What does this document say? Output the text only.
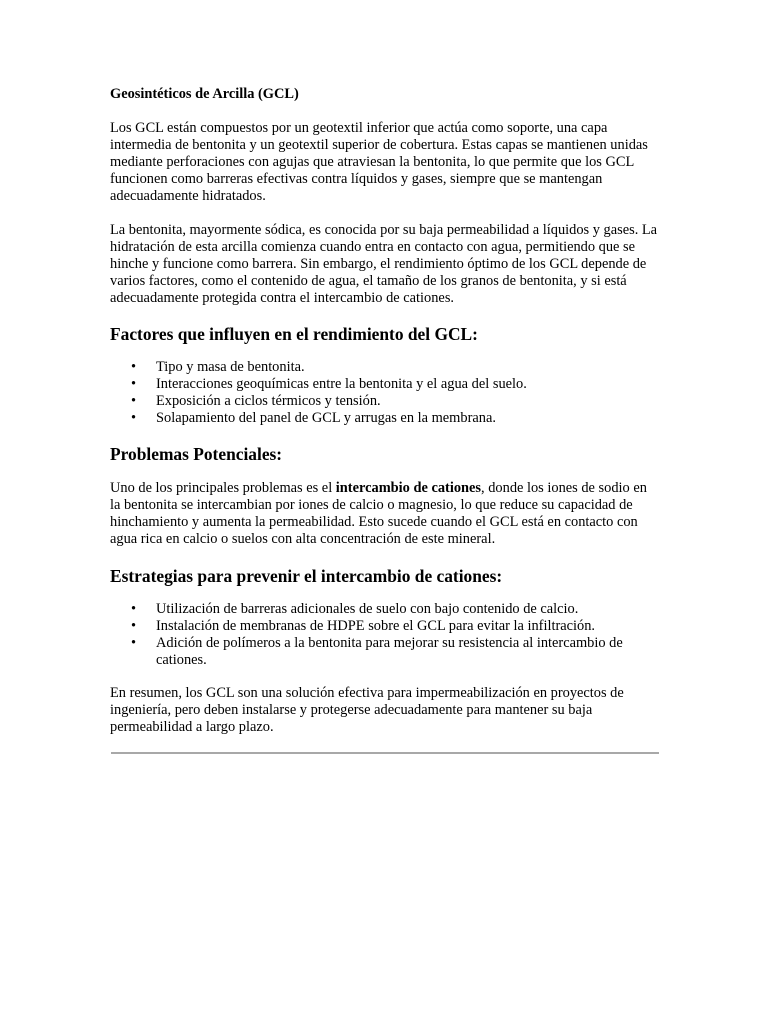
Geosintéticos de Arcilla (GCL)

Los GCL están compuestos por un geotextil inferior que actúa como soporte, una capa intermedia de bentonita y un geotextil superior de cobertura. Estas capas se mantienen unidas mediante perforaciones con agujas que atraviesan la bentonita, lo que permite que los GCL funcionen como barreras efectivas contra líquidos y gases, siempre que se mantengan adecuadamente hidratados.

La bentonita, mayormente sódica, es conocida por su baja permeabilidad a líquidos y gases. La hidratación de esta arcilla comienza cuando entra en contacto con agua, permitiendo que se hinche y funcione como barrera. Sin embargo, el rendimiento óptimo de los GCL depende de varios factores, como el contenido de agua, el tamaño de los granos de bentonita, y si está adecuadamente protegida contra el intercambio de cationes.

Factores que influyen en el rendimiento del GCL:
• Tipo y masa de bentonita.
• Interacciones geoquímicas entre la bentonita y el agua del suelo.
• Exposición a ciclos térmicos y tensión.
• Solapamiento del panel de GCL y arrugas en la membrana.
Problemas Potenciales:

Uno de los principales problemas es el intercambio de cationes, donde los iones de sodio en la bentonita se intercambian por iones de calcio o magnesio, lo que reduce su capacidad de hinchamiento y aumenta la permeabilidad. Esto sucede cuando el GCL está en contacto con agua rica en calcio o suelos con alta concentración de este mineral.

Estrategias para prevenir el intercambio de cationes:
• Utilización de barreras adicionales de suelo con bajo contenido de calcio.
• Instalación de membranas de HDPE sobre el GCL para evitar la infiltración.
• Adición de polímeros a la bentonita para mejorar su resistencia al intercambio de cationes.

En resumen, los GCL son una solución efectiva para impermeabilización en proyectos de ingeniería, pero deben instalarse y protegerse adecuadamente para mantener su baja permeabilidad a largo plazo.
